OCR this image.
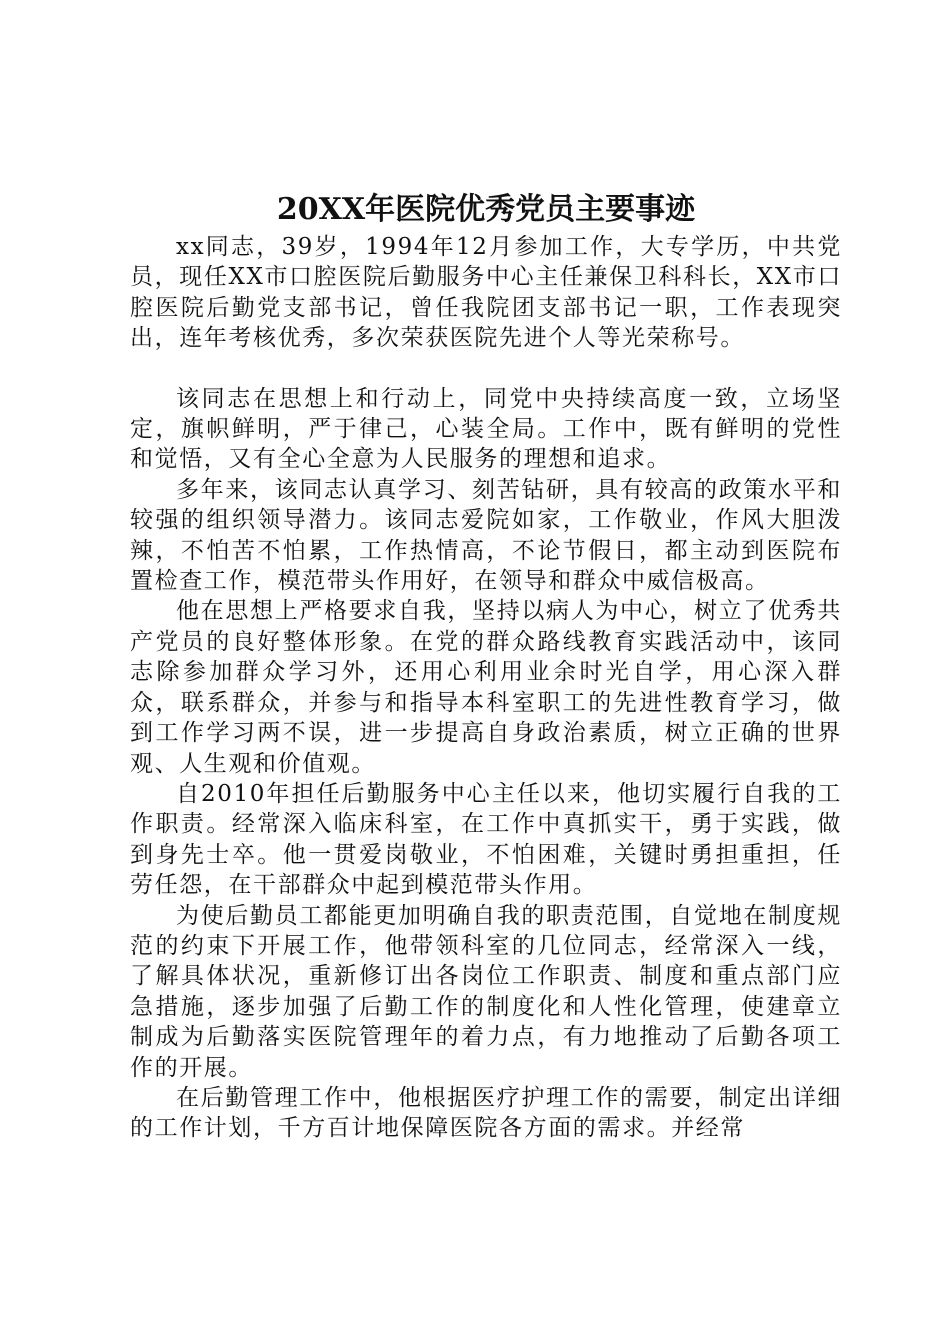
20XX年医院优秀党员主要事迹

xx同志，39岁，1994年12月参加工作，大专学历，中共党员，现任XX市口腔医院后勤服务中心主任兼保卫科科长，XX市口腔医院后勤党支部书记，曾任我院团支部书记一职，工作表现突出，连年考核优秀，多次荣获医院先进个人等光荣称号。

该同志在思想上和行动上，同党中央持续高度一致，立场坚定，旗帜鲜明，严于律己，心装全局。工作中，既有鲜明的党性和觉悟，又有全心全意为人民服务的理想和追求。

多年来，该同志认真学习、刻苦钻研，具有较高的政策水平和较强的组织领导潜力。该同志爱院如家，工作敬业，作风大胆泼辣，不怕苦不怕累，工作热情高，不论节假日，都主动到医院布置检查工作，模范带头作用好，在领导和群众中威信极高。

他在思想上严格要求自我，坚持以病人为中心，树立了优秀共产党员的良好整体形象。在党的群众路线教育实践活动中，该同志除参加群众学习外，还用心利用业余时光自学，用心深入群众，联系群众，并参与和指导本科室职工的先进性教育学习，做到工作学习两不误，进一步提高自身政治素质，树立正确的世界观、人生观和价值观。

自2010年担任后勤服务中心主任以来，他切实履行自我的工作职责。经常深入临床科室，在工作中真抓实干，勇于实践，做到身先士卒。他一贯爱岗敬业，不怕困难，关键时勇担重担，任劳任怨，在干部群众中起到模范带头作用。

为使后勤员工都能更加明确自我的职责范围，自觉地在制度规范的约束下开展工作，他带领科室的几位同志，经常深入一线，了解具体状况，重新修订出各岗位工作职责、制度和重点部门应急措施，逐步加强了后勤工作的制度化和人性化管理，使建章立制成为后勤落实医院管理年的着力点，有力地推动了后勤各项工作的开展。

在后勤管理工作中，他根据医疗护理工作的需要，制定出详细的工作计划，千方百计地保障医院各方面的需求。并经常
